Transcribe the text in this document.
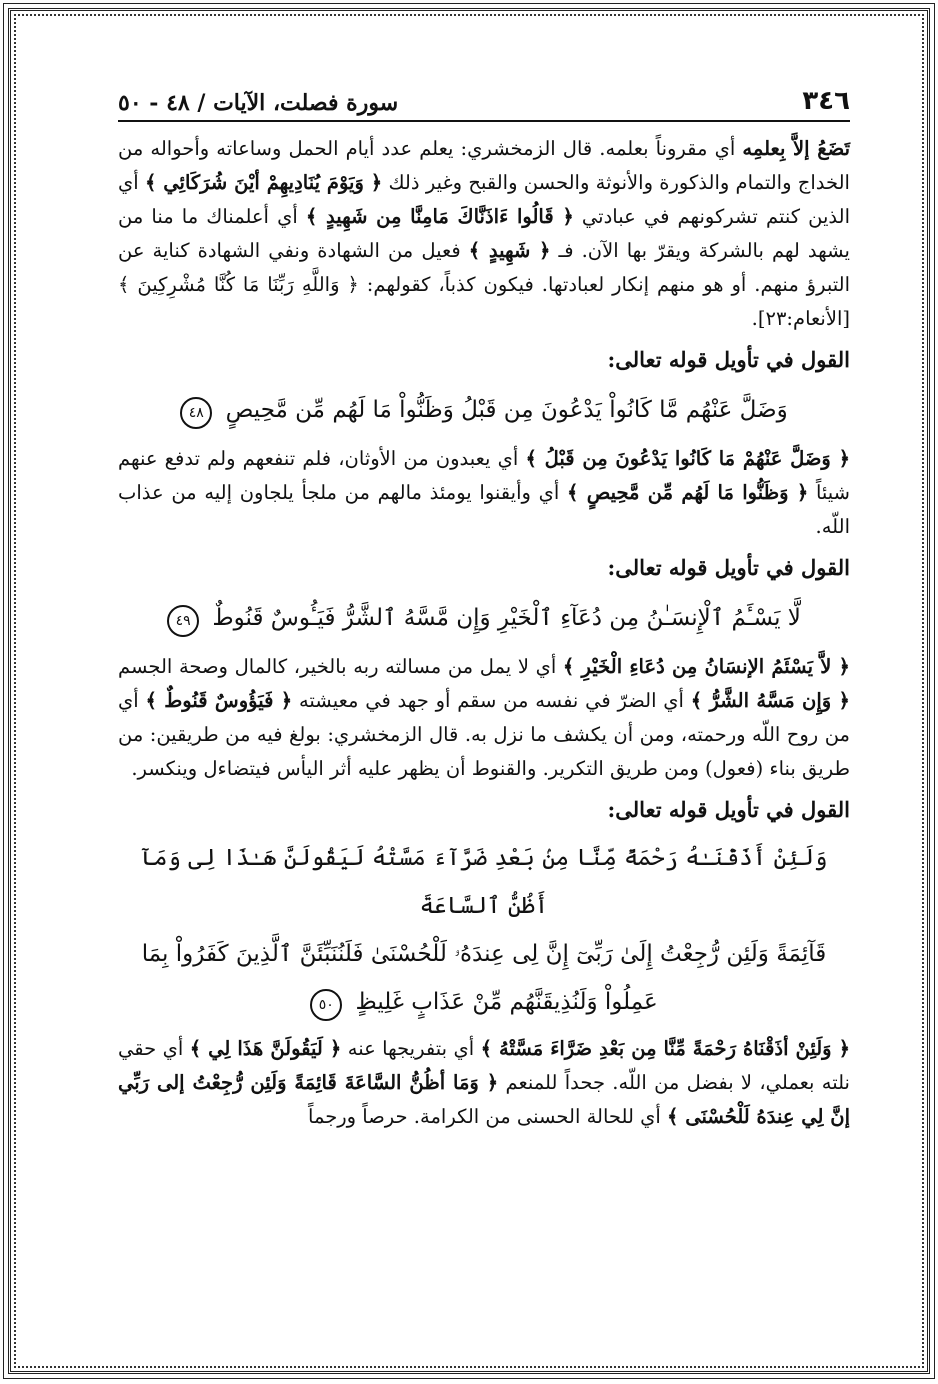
٣٤٦
سورة فصلت، الآيات / ٤٨ - ٥٠

تَضَعُ إلاَّ بِعلمِه أي مقروناً بعلمه. قال الزمخشري: يعلم عدد أيام الحمل وساعاته وأحواله من الخداج والتمام والذكورة والأنوثة والحسن والقبح وغير ذلك ﴿ وَيَوْمَ يُنَادِيهِمْ أيْنَ شُرَكَائِي ﴾ أي الذين كنتم تشركونهم في عبادتي ﴿ قَالُوا ءَاذَنَّاكَ مَامِنَّا مِن شَهِيدٍ ﴾ أي أعلمناك ما منا من يشهد لهم بالشركة ويقرّ بها الآن. فـ ﴿ شَهِيدٍ ﴾ فعيل من الشهادة ونفي الشهادة كناية عن التبرؤ منهم. أو هو منهم إنكار لعبادتها. فيكون كذباً، كقولهم: ﴿ وَاللَّهِ رَبِّنَا مَا كُنَّا مُشْرِكِينَ ﴾ [الأنعام:٢٣].

القول في تأويل قوله تعالى:
وَضَلَّ عَنْهُم مَّا كَانُواْ يَدْعُونَ مِن قَبْلُ وَظَنُّواْ مَا لَهُم مِّن مَّحِيصٍ ٤٨

﴿ وَضَلَّ عَنْهُمْ مَا كَانُوا يَدْعُونَ مِن قَبْلُ ﴾ أي يعبدون من الأوثان، فلم تنفعهم ولم تدفع عنهم شيئاً ﴿ وَظَنُّوا مَا لَهُم مِّن مَّحِيصٍ ﴾ أي وأيقنوا يومئذ مالهم من ملجأ يلجاون إليه من عذاب اللّه.

القول في تأويل قوله تعالى:
لَّا يَسْـَٔمُ ٱلْإِنسَـٰنُ مِن دُعَآءِ ٱلْخَيْرِ وَإِن مَّسَّهُ ٱلشَّرُّ فَيَـُٔوسٌ قَنُوطٌ ٤٩

﴿ لاَّ يَسْئَمُ الإنسَانُ مِن دُعَاءِ الْخَيْرِ ﴾ أي لا يمل من مسالته ربه بالخير، كالمال وصحة الجسم ﴿ وَإِن مَسَّهُ الشَّرُّ ﴾ أي الضرّ في نفسه من سقم أو جهد في معيشته ﴿ فَيَؤُوسٌ قَنُوطٌ ﴾ أي من روح اللّه ورحمته، ومن أن يكشف ما نزل به. قال الزمخشري: بولغ فيه من طريقين: من طريق بناء (فعول) ومن طريق التكرير. والقنوط أن يظهر عليه أثر اليأس فيتضاءل وينكسر.

القول في تأويل قوله تعالى:
وَلَئِنْ أَذَقْنَـٰهُ رَحْمَةً مِّنَّا مِنۢ بَعْدِ ضَرَّآءَ مَسَّتْهُ لَيَقُولَنَّ هَـٰذَا لِى وَمَآ أَظُنُّ ٱلسَّاعَةَ
قَآئِمَةً وَلَئِن رُّجِعْتُ إِلَىٰ رَبِّىٓ إِنَّ لِى عِندَهُۥ لَلْحُسْنَىٰ فَلَنُنَبِّئَنَّ ٱلَّذِينَ كَفَرُواْ بِمَا
عَمِلُواْ وَلَنُذِيقَنَّهُم مِّنْ عَذَابٍ غَلِيظٍ ٥٠

﴿ وَلَئِنْ أذَقْنَاهُ رَحْمَةً مِّنَّا مِن بَعْدِ ضَرَّاءَ مَسَّتْهُ ﴾ أي بتفريجها عنه ﴿ لَيَقُولَنَّ هَذَا لِي ﴾ أي حقي نلته بعملي، لا بفضل من اللّه. جحداً للمنعم ﴿ وَمَا أظُنُّ السَّاعَةَ قَائِمَةً وَلَئِن رُّجِعْتُ إلى رَبِّي إنَّ لِي عِندَهُ لَلْحُسْنَى ﴾ أي للحالة الحسنى من الكرامة. حرصاً ورجماً
